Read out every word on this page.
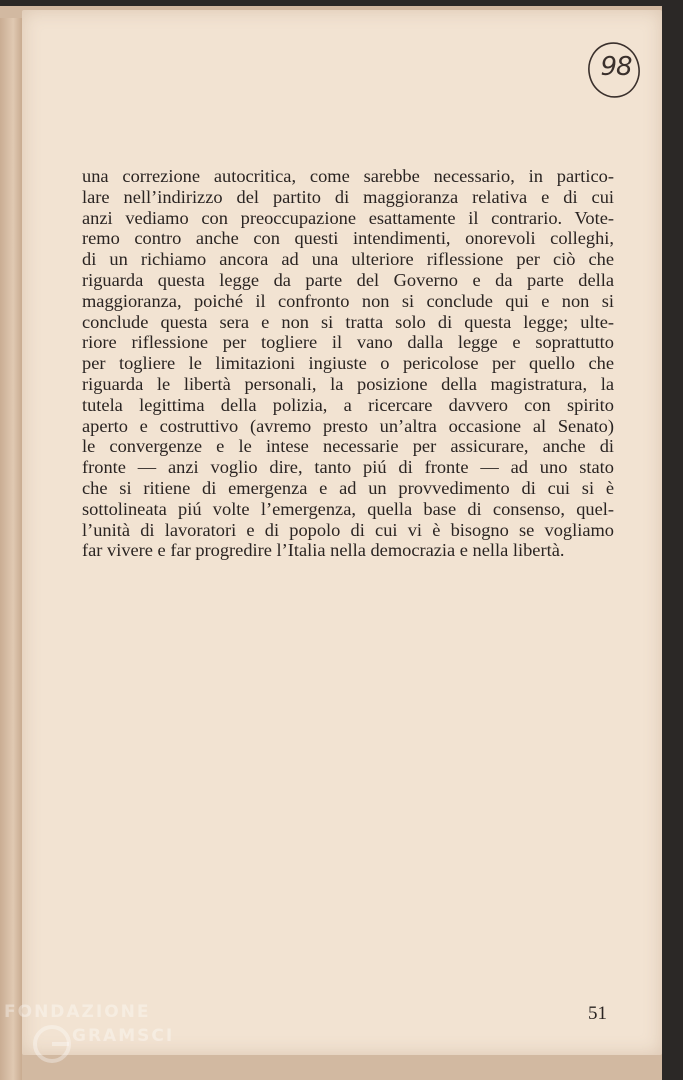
98

una correzione autocritica, come sarebbe necessario, in partico-
lare nell’indirizzo del partito di maggioranza relativa e di cui
anzi vediamo con preoccupazione esattamente il contrario. Vote-
remo contro anche con questi intendimenti, onorevoli colleghi,
di un richiamo ancora ad una ulteriore riflessione per ciò che
riguarda questa legge da parte del Governo e da parte della
maggioranza, poiché il confronto non si conclude qui e non si
conclude questa sera e non si tratta solo di questa legge; ulte-
riore riflessione per togliere il vano dalla legge e soprattutto
per togliere le limitazioni ingiuste o pericolose per quello che
riguarda le libertà personali, la posizione della magistratura, la
tutela legittima della polizia, a ricercare davvero con spirito
aperto e costruttivo (avremo presto un’altra occasione al Senato)
le convergenze e le intese necessarie per assicurare, anche di
fronte — anzi voglio dire, tanto piú di fronte — ad uno stato
che si ritiene di emergenza e ad un provvedimento di cui si è
sottolineata piú volte l’emergenza, quella base di consenso, quel-
l’unità di lavoratori e di popolo di cui vi è bisogno se vogliamo
far vivere e far progredire l’Italia nella democrazia e nella libertà.

51
FONDAZIONE
GRAMSCI
